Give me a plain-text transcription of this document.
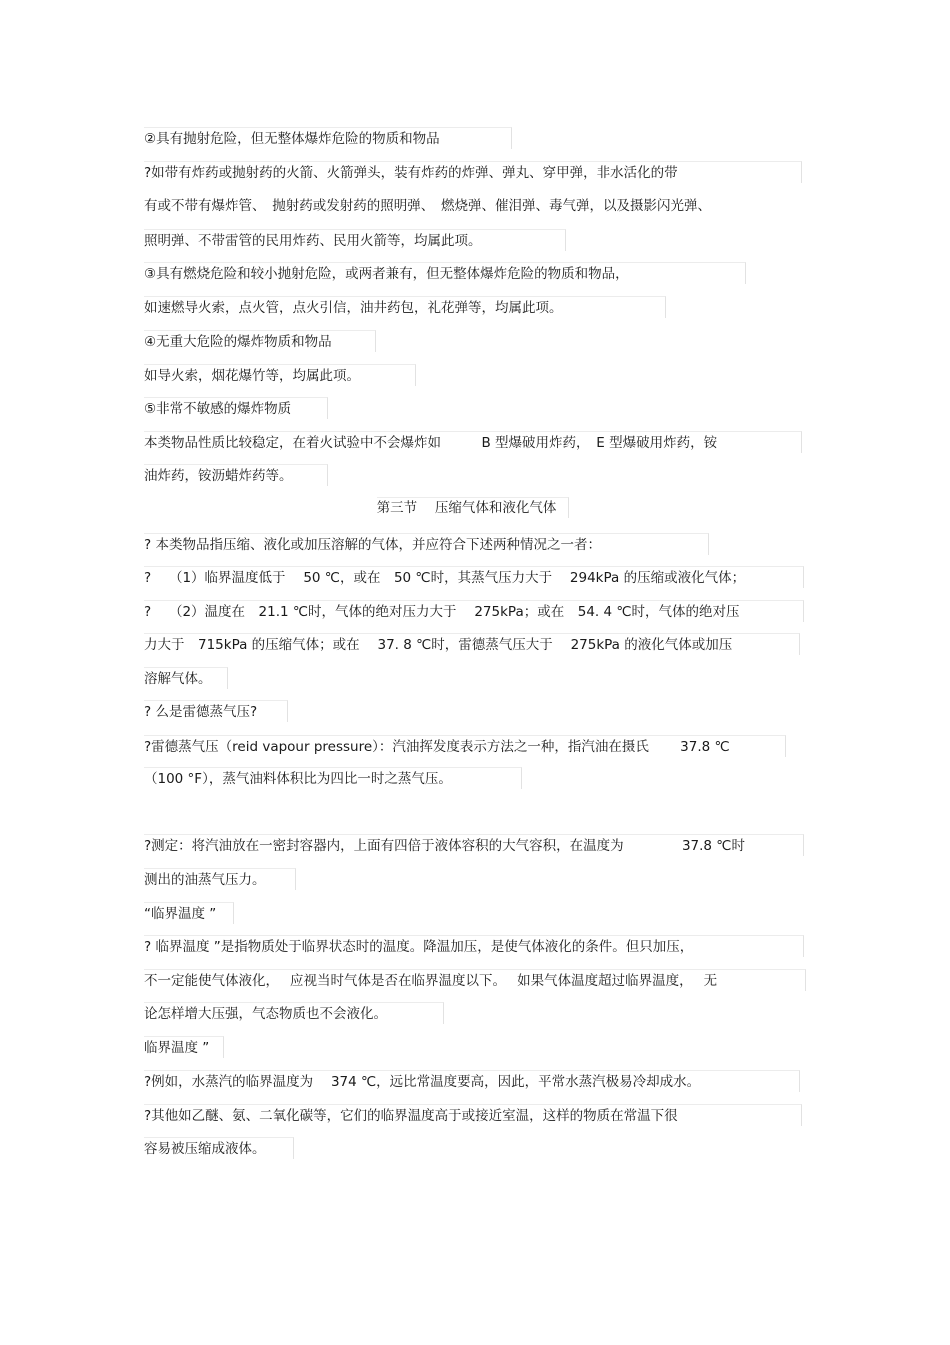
②具有抛射危险，但无整体爆炸危险的物质和物品
?如带有炸药或抛射药的火箭、火箭弹头，装有炸药的炸弹、弹丸、穿甲弹，非水活化的带
有或不带有爆炸管、　抛射药或发射药的照明弹、　燃烧弹、催泪弹、毒气弹，以及摄影闪光弹、
照明弹、不带雷管的民用炸药、民用火箭等，均属此项。
③具有燃烧危险和较小抛射危险，或两者兼有，但无整体爆炸危险的物质和物品，
如速燃导火索，点火管，点火引信，油井药包，礼花弹等，均属此项。
④无重大危险的爆炸物质和物品
如导火索，烟花爆竹等，均属此项。
⑤非常不敏感的爆炸物质
本类物品性质比较稳定，在着火试验中不会爆炸如　　　B 型爆破用炸药，　E 型爆破用炸药，铵
油炸药，铵沥蜡炸药等。
第三节　 压缩气体和液化气体
? 本类物品指压缩、液化或加压溶解的气体，并应符合下述两种情况之一者：
?　 （1）临界温度低于　 50 ℃，或在　50 ℃时，其蒸气压力大于　 294kPa 的压缩或液化气体；
?　 （2）温度在　21.1 ℃时，气体的绝对压力大于　 275kPa；或在　54. 4 ℃时，气体的绝对压
力大于　715kPa 的压缩气体；或在　 37. 8 ℃时，雷德蒸气压大于　 275kPa 的液化气体或加压
溶解气体。
? 么是雷德蒸气压?
?雷德蒸气压（reid vapour pressure）：汽油挥发度表示方法之一种，指汽油在摄氏　　 37.8 ℃
（100 °F），蒸气油料体积比为四比一时之蒸气压。
?测定：将汽油放在一密封容器内，上面有四倍于液体容积的大气容积，在温度为　　　　 37.8 ℃时
测出的油蒸气压力。
“临界温度 ”
? 临界温度 ”是指物质处于临界状态时的温度。降温加压，是使气体液化的条件。但只加压，
不一定能使气体液化，　 应视当时气体是否在临界温度以下。　 如果气体温度超过临界温度，　 无
论怎样增大压强，气态物质也不会液化。
临界温度 ”
?例如，水蒸汽的临界温度为　 374 ℃，远比常温度要高，因此，平常水蒸汽极易冷却成水。
?其他如乙醚、氨、二氧化碳等，它们的临界温度高于或接近室温，这样的物质在常温下很
容易被压缩成液体。
